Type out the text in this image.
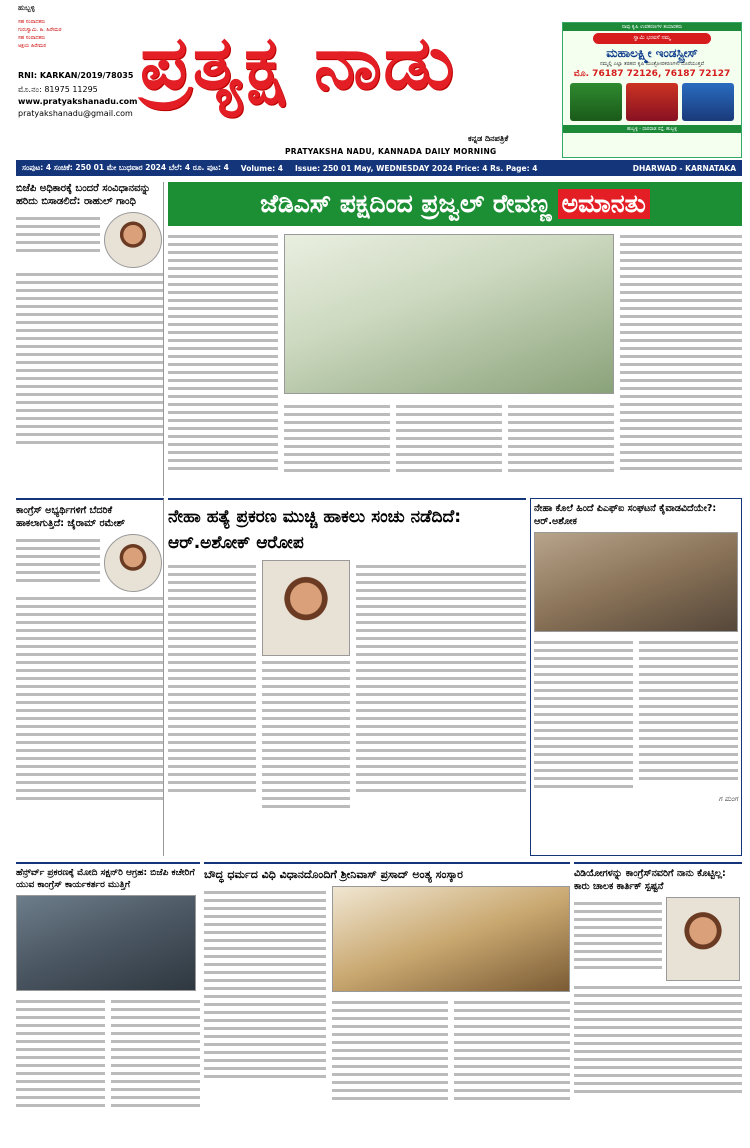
ಹುಬ್ಬಳ್ಳಿ
ಸಹ ಸಂಪಾದಕರು
ಗುರುಸ್ವಾಮಿ. ಹಿ. ಹಿರೇಮಠ
ಸಹ ಸಂಪಾದಕರು
ಅಕ್ಷಯ ಹಿರೇಮಠ
RNI: KARKAN/2019/78035
ಮೊ.ನಂ: 81975 11295
www.pratyakshanadu.com
pratyakshanadu@gmail.com
ಪ್ರತ್ಯಕ್ಷ ನಾಡು
ಕನ್ನಡ ದಿನಪತ್ರಿಕೆ
PRATYAKSHA NADU, KANNADA DAILY MORNING
ನಾವು ಕೃಷಿ ಉಪಕರಣಗಳ ತಯಾರಕರು
ಸ್ವಾಮಿ ಭರವಸೆ ನಮ್ಮ
ಮಹಾಲಕ್ಷ್ಮೀ ಇಂಡಸ್ಟ್ರೀಸ್
ನಮ್ಮಲ್ಲಿ ಎಲ್ಲಾ ತರಹದ ಕೃಷಿ ಯಂತ್ರೋಪಕರಣಗಳು ದೊರೆಯುತ್ತವೆ
ಮೊ. 76187 72126, 76187 72127
ಹುಬ್ಬಳ್ಳಿ - ಧಾರವಾಡ ರಸ್ತೆ, ಹುಬ್ಬಳ್ಳಿ
ಸಂಪುಟ: 4 ಸಂಚಿಕೆ: 250 01 ಮೇ ಬುಧವಾರ 2024 ಬೆಲೆ: 4 ರೂ. ಪುಟ: 4 Volume: 4 Issue: 250 01 May, WEDNESDAY 2024 Price: 4 Rs. Page: 4	DHARWAD - KARNATAKA
ಬಿಜೆಪಿ ಅಧಿಕಾರಕ್ಕೆ ಬಂದರೆ ಸಂವಿಧಾನವನ್ನು ಹರಿದು ಬಿಸಾಡಲಿದೆ: ರಾಹುಲ್ ಗಾಂಧಿ
ಕಾಂಗ್ರೆಸ್ ಅಭ್ಯರ್ಥಿಗಳಿಗೆ ಬೆದರಿಕೆ ಹಾಕಲಾಗುತ್ತಿದೆ: ಜೈರಾಮ್ ರಮೇಶ್
ಜೆಡಿಎಸ್ ಪಕ್ಷದಿಂದ ಪ್ರಜ್ವಲ್ ರೇವಣ್ಣ ಅಮಾನತು
ನೇಹಾ ಹತ್ಯೆ ಪ್ರಕರಣ ಮುಚ್ಚಿ ಹಾಕಲು ಸಂಚು ನಡೆದಿದೆ: ಆರ್.ಅಶೋಕ್ ಆರೋಪ
ನೇಹಾ ಕೊಲೆ ಹಿಂದೆ ಪಿಎಫ್‌ಐ ಸಂಘಟನೆ ಕೈವಾಡವಿದೆಯೇ?: ಆರ್.ಅಶೋಕ
ಗ ಮಂಗ
ಹೆನ್ರ್‌ರ್ವ್ ಪ್ರಕರಣಕ್ಕೆ ಮೋದಿ ಸಕ್ಷನ್‌ರಿ ಆಗ್ರಹ: ಬಿಜೆಪಿ ಕಚೇರಿಗೆ ಯುವ ಕಾಂಗ್ರೆಸ್ ಕಾರ್ಯಕರ್ತರ ಮುತ್ತಿಗೆ
ಬೌದ್ಧ ಧರ್ಮದ ವಿಧಿ ವಿಧಾನದೊಂದಿಗೆ ಶ್ರೀನಿವಾಸ್ ಪ್ರಸಾದ್ ಅಂತ್ಯ ಸಂಸ್ಕಾರ	ವಿಡಿಯೋಗಳನ್ನು ಕಾಂಗ್ರೆಸ್‌ನವರಿಗೆ ನಾನು ಕೊಟ್ಟಿಲ್ಲ: ಕಾರು ಚಾಲಕ ಕಾರ್ತಿಕ್ ಸ್ಪಷ್ಟನೆ
